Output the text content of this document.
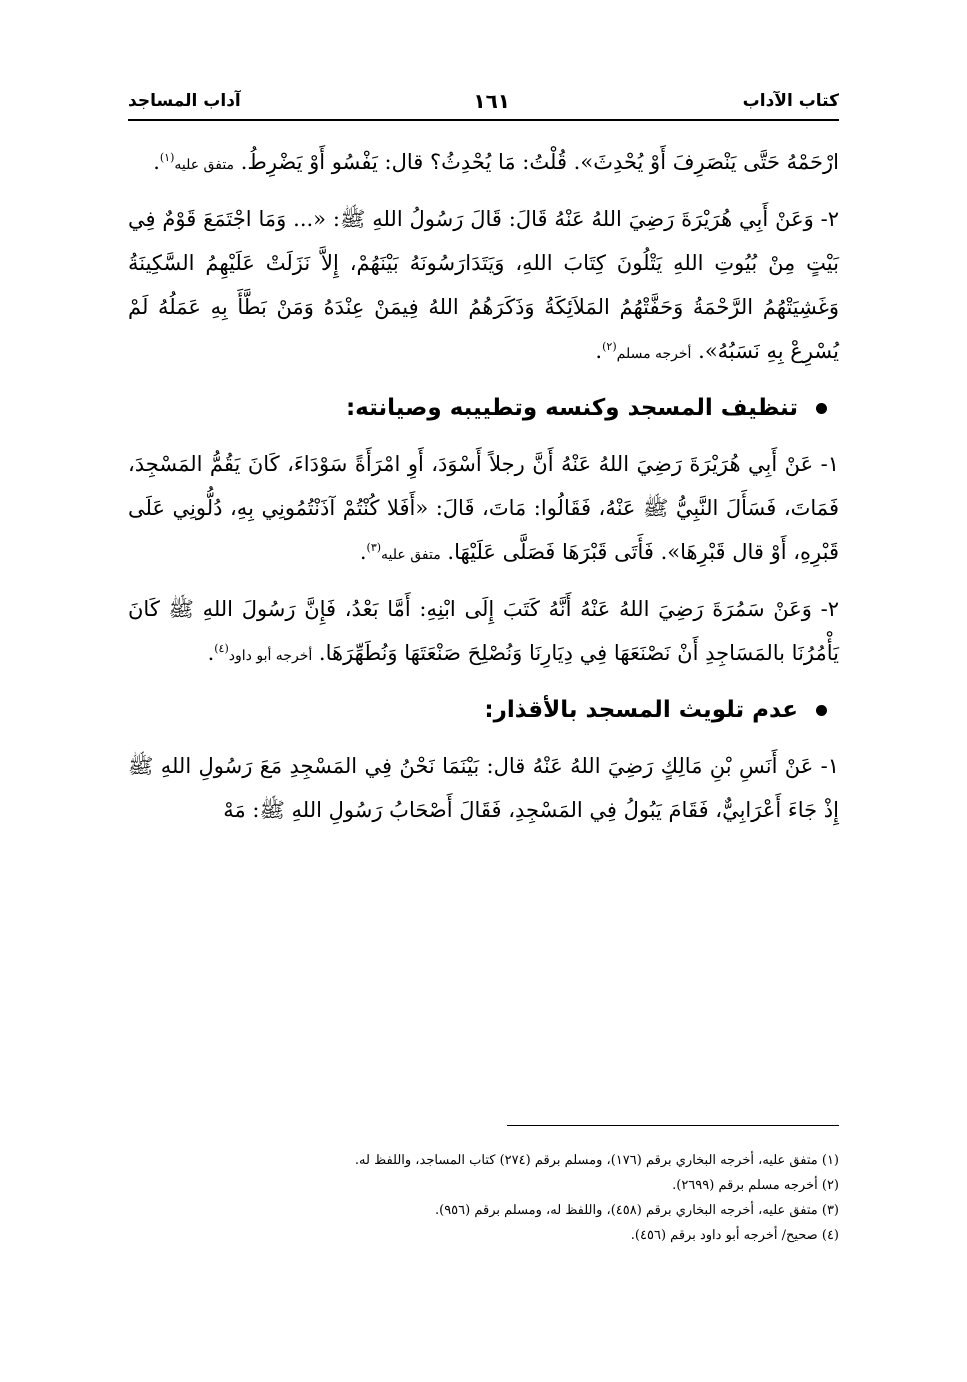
كتاب الآداب
١٦١
آداب المساجد

ارْحَمْهُ حَتَّى يَنْصَرِفَ أَوْ يُحْدِثَ». قُلْتُ: مَا يُحْدِثُ؟ قال: يَفْسُو أَوْ يَضْرِطُ. متفق عليه$^{(١)}$.

٢- وَعَنْ أَبِي هُرَيْرَةَ رَضِيَ اللهُ عَنْهُ قَالَ: قَالَ رَسُولُ اللهِ ﷺ: «... وَمَا اجْتَمَعَ قَوْمٌ فِي بَيْتٍ مِنْ بُيُوتِ اللهِ يَتْلُونَ كِتَابَ اللهِ، وَيَتَدَارَسُونَهُ بَيْنَهُمْ، إِلاَّ نَزَلَتْ عَلَيْهِمُ السَّكِينَةُ وَغَشِيَتْهُمُ الرَّحْمَةُ وَحَفَّتْهُمُ المَلاَئِكَةُ وَذَكَرَهُمُ اللهُ فِيمَنْ عِنْدَهُ وَمَنْ بَطَّأَ بِهِ عَمَلُهُ لَمْ يُسْرِعْ بِهِ نَسَبُهُ». أخرجه مسلم$^{(٢)}$.

تنظيف المسجد وكنسه وتطييبه وصيانته:

١- عَنْ أَبِي هُرَيْرَةَ رَضِيَ اللهُ عَنْهُ أَنَّ رجلاً أَسْوَدَ، أَوِ امْرَأَةً سَوْدَاءَ، كَانَ يَقُمُّ المَسْجِدَ، فَمَاتَ، فَسَأَلَ النَّبِيُّ ﷺ عَنْهُ، فَقَالُوا: مَاتَ، قَالَ: «أَفَلا كُنْتُمْ آذَنْتُمُونِي بِهِ، دُلُّونِي عَلَى قَبْرِهِ، أَوْ قال قَبْرِهَا». فَأَتَى قَبْرَهَا فَصَلَّى عَلَيْهَا. متفق عليه$^{(٣)}$.

٢- وَعَنْ سَمُرَةَ رَضِيَ اللهُ عَنْهُ أَنَّهُ كَتَبَ إِلَى ابْنِهِ: أَمَّا بَعْدُ، فَإِنَّ رَسُولَ اللهِ ﷺ كَانَ يَأْمُرُنَا بالمَسَاجِدِ أَنْ نَصْنَعَهَا فِي دِيَارِنَا وَنُصْلِحَ صَنْعَتَهَا وَنُطَهِّرَهَا. أخرجه أبو داود$^{(٤)}$.

عدم تلويث المسجد بالأقذار:

١- عَنْ أَنَسِ بْنِ مَالِكٍ رَضِيَ اللهُ عَنْهُ قال: بَيْنَمَا نَحْنُ فِي المَسْجِدِ مَعَ رَسُولِ اللهِ ﷺ إِذْ جَاءَ أَعْرَابِيٌّ، فَقَامَ يَبُولُ فِي المَسْجِدِ، فَقَالَ أَصْحَابُ رَسُولِ اللهِ ﷺ: مَهْ

(١) متفق عليه، أخرجه البخاري برقم (١٧٦)، ومسلم برقم (٢٧٤) كتاب المساجد، واللفظ له.

(٢) أخرجه مسلم برقم (٢٦٩٩).

(٣) متفق عليه، أخرجه البخاري برقم (٤٥٨)، واللفظ له، ومسلم برقم (٩٥٦).

(٤) صحيح/ أخرجه أبو داود برقم (٤٥٦).
